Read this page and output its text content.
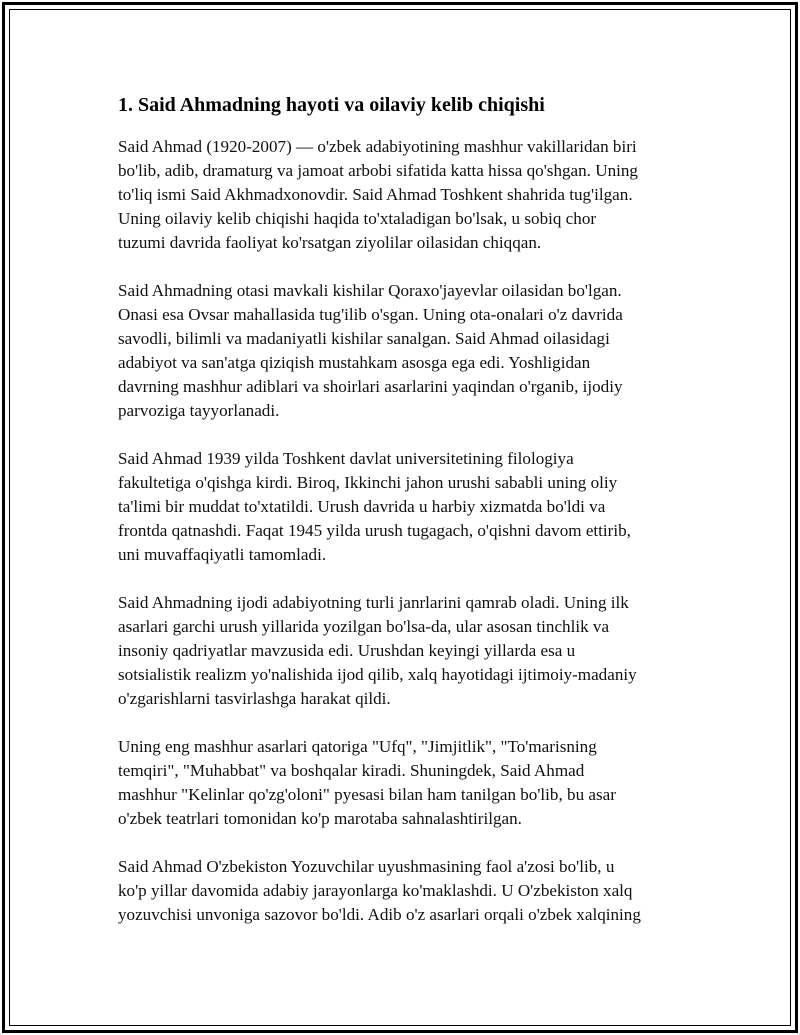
1. Said Ahmadning hayoti va oilaviy kelib chiqishi

Said Ahmad (1920-2007) — o'zbek adabiyotining mashhur vakillaridan biri
bo'lib, adib, dramaturg va jamoat arbobi sifatida katta hissa qo'shgan. Uning
to'liq ismi Said Akhmadxonovdir. Said Ahmad Toshkent shahrida tug'ilgan.
Uning oilaviy kelib chiqishi haqida to'xtaladigan bo'lsak, u sobiq chor
tuzumi davrida faoliyat ko'rsatgan ziyolilar oilasidan chiqqan.

Said Ahmadning otasi mavkali kishilar Qoraxo'jayevlar oilasidan bo'lgan.
Onasi esa Ovsar mahallasida tug'ilib o'sgan. Uning ota-onalari o'z davrida
savodli, bilimli va madaniyatli kishilar sanalgan. Said Ahmad oilasidagi
adabiyot va san'atga qiziqish mustahkam asosga ega edi. Yoshligidan
davrning mashhur adiblari va shoirlari asarlarini yaqindan o'rganib, ijodiy
parvoziga tayyorlanadi.

Said Ahmad 1939 yilda Toshkent davlat universitetining filologiya
fakultetiga o'qishga kirdi. Biroq, Ikkinchi jahon urushi sababli uning oliy
ta'limi bir muddat to'xtatildi. Urush davrida u harbiy xizmatda bo'ldi va
frontda qatnashdi. Faqat 1945 yilda urush tugagach, o'qishni davom ettirib,
uni muvaffaqiyatli tamomladi.

Said Ahmadning ijodi adabiyotning turli janrlarini qamrab oladi. Uning ilk
asarlari garchi urush yillarida yozilgan bo'lsa-da, ular asosan tinchlik va
insoniy qadriyatlar mavzusida edi. Urushdan keyingi yillarda esa u
sotsialistik realizm yo'nalishida ijod qilib, xalq hayotidagi ijtimoiy-madaniy
o'zgarishlarni tasvirlashga harakat qildi.

Uning eng mashhur asarlari qatoriga "Ufq", "Jimjitlik", "To'marisning
temqiri", "Muhabbat" va boshqalar kiradi. Shuningdek, Said Ahmad
mashhur "Kelinlar qo'zg'oloni" pyesasi bilan ham tanilgan bo'lib, bu asar
o'zbek teatrlari tomonidan ko'p marotaba sahnalashtirilgan.

Said Ahmad O'zbekiston Yozuvchilar uyushmasining faol a'zosi bo'lib, u
ko'p yillar davomida adabiy jarayonlarga ko'maklashdi. U O'zbekiston xalq
yozuvchisi unvoniga sazovor bo'ldi. Adib o'z asarlari orqali o'zbek xalqining
